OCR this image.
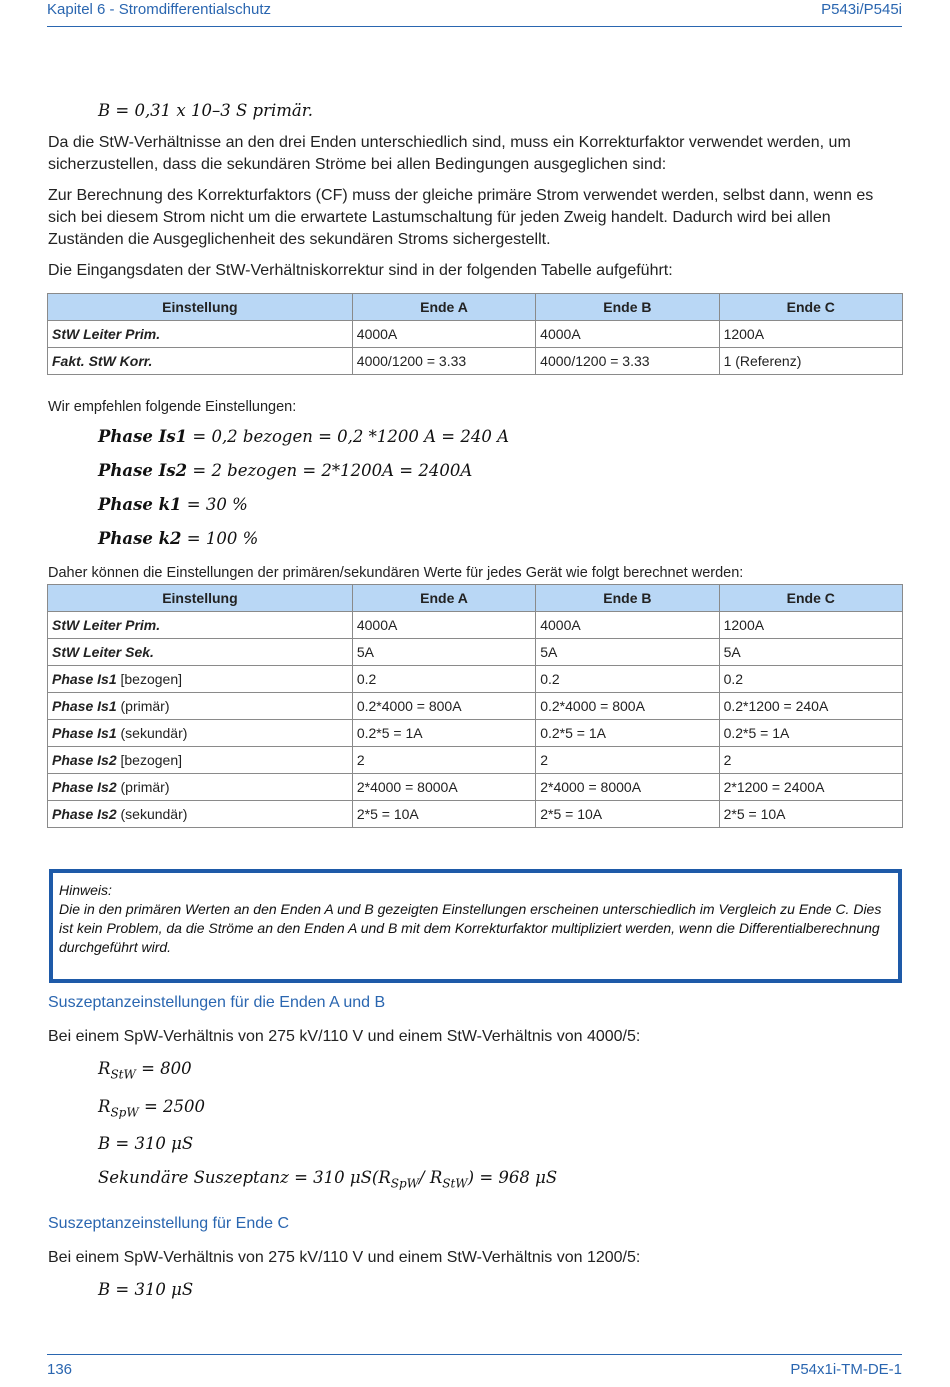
Kapitel 6 - Stromdifferentialschutz	P543i/P545i
B = 0,31 x 10–3 S primär.

Da die StW-Verhältnisse an den drei Enden unterschiedlich sind, muss ein Korrekturfaktor verwendet werden, um sicherzustellen, dass die sekundären Ströme bei allen Bedingungen ausgeglichen sind:

Zur Berechnung des Korrekturfaktors (CF) muss der gleiche primäre Strom verwendet werden, selbst dann, wenn es sich bei diesem Strom nicht um die erwartete Lastumschaltung für jeden Zweig handelt. Dadurch wird bei allen Zuständen die Ausgeglichenheit des sekundären Stroms sichergestellt.

Die Eingangsdaten der StW-Verhältniskorrektur sind in der folgenden Tabelle aufgeführt:

Einstellung	Ende A	Ende B	Ende C
StW Leiter Prim.	4000A	4000A	1200A
Fakt. StW Korr.	4000/1200 = 3.33	4000/1200 = 3.33	1 (Referenz)

Wir empfehlen folgende Einstellungen:

Phase Is1 = 0,2 bezogen = 0,2 *1200 A = 240 A
Phase Is2 = 2 bezogen = 2*1200A = 2400A
Phase k1 = 30 %
Phase k2 = 100 %

Daher können die Einstellungen der primären/sekundären Werte für jedes Gerät wie folgt berechnet werden:

Einstellung	Ende A	Ende B	Ende C
StW Leiter Prim.	4000A	4000A	1200A
StW Leiter Sek.	5A	5A	5A
Phase Is1 [bezogen]	0.2	0.2	0.2
Phase Is1 (primär)	0.2*4000 = 800A	0.2*4000 = 800A	0.2*1200 = 240A
Phase Is1 (sekundär)	0.2*5 = 1A	0.2*5 = 1A	0.2*5 = 1A
Phase Is2 [bezogen]	2	2	2
Phase Is2 (primär)	2*4000 = 8000A	2*4000 = 8000A	2*1200 = 2400A
Phase Is2 (sekundär)	2*5 = 10A	2*5 = 10A	2*5 = 10A
Hinweis:
Die in den primären Werten an den Enden A und B gezeigten Einstellungen erscheinen unterschiedlich im Vergleich zu Ende C. Dies ist kein Problem, da die Ströme an den Enden A und B mit dem Korrekturfaktor multipliziert werden, wenn die Differentialberechnung durchgeführt wird.
Suszeptanzeinstellungen für die Enden A und B

Bei einem SpW-Verhältnis von 275 kV/110 V und einem StW-Verhältnis von 4000/5:

$R_{StW} = 800$
$R_{SpW} = 2500$
B = 310 μS
Sekundäre Suszeptanz = 310 $\mu S(R_{SpW}/$ $R_{StW}) = 968$ μS
Suszeptanzeinstellung für Ende C

Bei einem SpW-Verhältnis von 275 kV/110 V und einem StW-Verhältnis von 1200/5:

B = 310 μS
136	P54x1i-TM-DE-1
